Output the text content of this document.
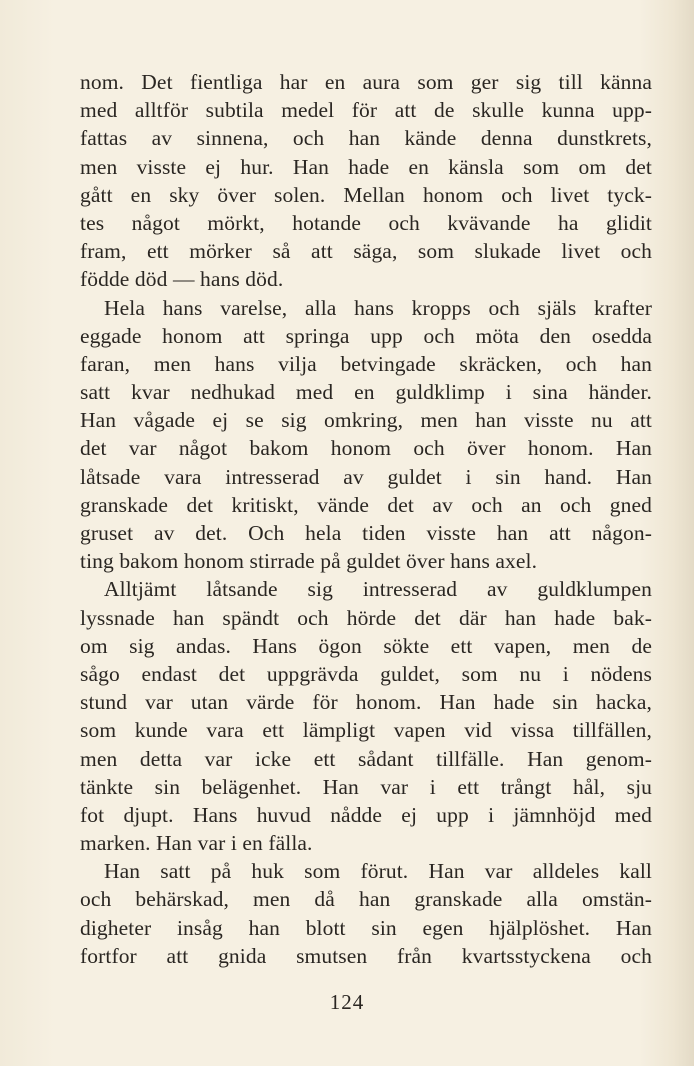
nom. Det fientliga har en aura som ger sig till känna
med alltför subtila medel för att de skulle kunna upp-
fattas av sinnena, och han kände denna dunstkrets,
men visste ej hur. Han hade en känsla som om det
gått en sky över solen. Mellan honom och livet tyck-
tes något mörkt, hotande och kvävande ha glidit
fram, ett mörker så att säga, som slukade livet och
födde död — hans död.
Hela hans varelse, alla hans kropps och själs krafter
eggade honom att springa upp och möta den osedda
faran, men hans vilja betvingade skräcken, och han
satt kvar nedhukad med en guldklimp i sina händer.
Han vågade ej se sig omkring, men han visste nu att
det var något bakom honom och över honom. Han
låtsade vara intresserad av guldet i sin hand. Han
granskade det kritiskt, vände det av och an och gned
gruset av det. Och hela tiden visste han att någon-
ting bakom honom stirrade på guldet över hans axel.
Alltjämt låtsande sig intresserad av guldklumpen
lyssnade han spändt och hörde det där han hade bak-
om sig andas. Hans ögon sökte ett vapen, men de
sågo endast det uppgrävda guldet, som nu i nödens
stund var utan värde för honom. Han hade sin hacka,
som kunde vara ett lämpligt vapen vid vissa tillfällen,
men detta var icke ett sådant tillfälle. Han genom-
tänkte sin belägenhet. Han var i ett trångt hål, sju
fot djupt. Hans huvud nådde ej upp i jämnhöjd med
marken. Han var i en fälla.
Han satt på huk som förut. Han var alldeles kall
och behärskad, men då han granskade alla omstän-
digheter insåg han blott sin egen hjälplöshet. Han
fortfor att gnida smutsen från kvartsstyckena och
124
